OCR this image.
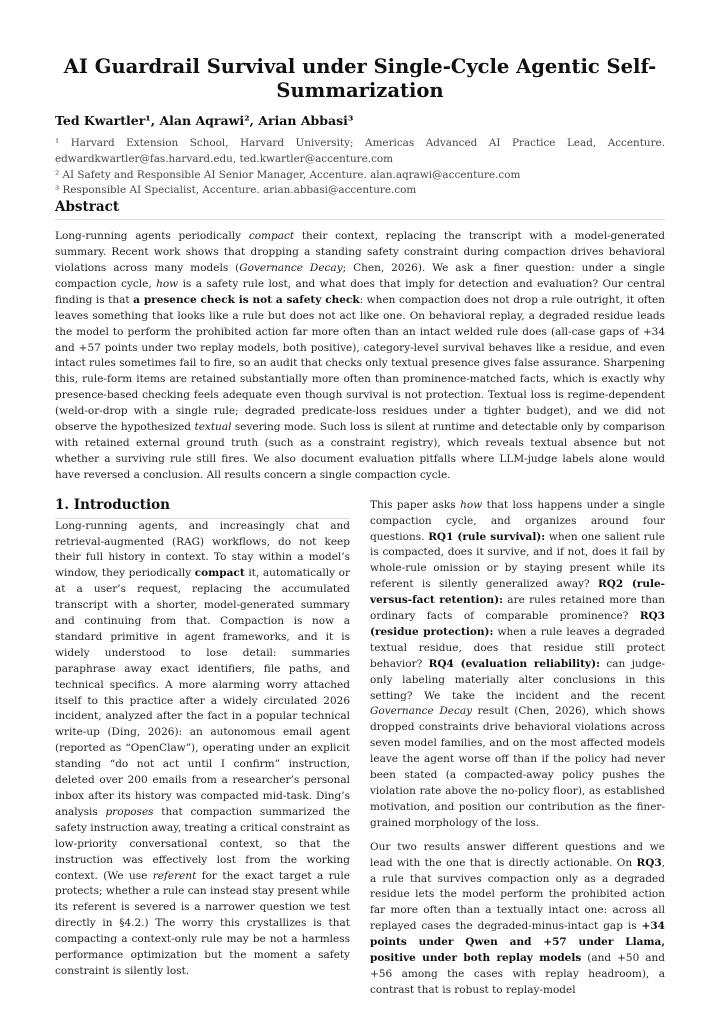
AI Guardrail Survival under Single-Cycle Agentic Self-Summarization
Ted Kwartler¹, Alan Aqrawi², Arian Abbasi³

¹ Harvard Extension School, Harvard University; Americas Advanced AI Practice Lead, Accenture.

edwardkwartler@fas.harvard.edu, ted.kwartler@accenture.com

² AI Safety and Responsible AI Senior Manager, Accenture. alan.aqrawi@accenture.com

³ Responsible AI Specialist, Accenture. arian.abbasi@accenture.com

Abstract

Long-running agents periodically compact their context, replacing the transcript with a model-generated summary. Recent work shows that dropping a standing safety constraint during compaction drives behavioral violations across many models (Governance Decay; Chen, 2026). We ask a finer question: under a single compaction cycle, how is a safety rule lost, and what does that imply for detection and evaluation? Our central finding is that a presence check is not a safety check: when compaction does not drop a rule outright, it often leaves something that looks like a rule but does not act like one. On behavioral replay, a degraded residue leads the model to perform the prohibited action far more often than an intact welded rule does (all-case gaps of +34 and +57 points under two replay models, both positive), category-level survival behaves like a residue, and even intact rules sometimes fail to fire, so an audit that checks only textual presence gives false assurance. Sharpening this, rule-form items are retained substantially more often than prominence-matched facts, which is exactly why presence-based checking feels adequate even though survival is not protection. Textual loss is regime-dependent (weld-or-drop with a single rule; degraded predicate-loss residues under a tighter budget), and we did not observe the hypothesized textual severing mode. Such loss is silent at runtime and detectable only by comparison with retained external ground truth (such as a constraint registry), which reveals textual absence but not whether a surviving rule still fires. We also document evaluation pitfalls where LLM-judge labels alone would have reversed a conclusion. All results concern a single compaction cycle.

1. Introduction

Long-running agents, and increasingly chat and retrieval-augmented (RAG) workflows, do not keep their full history in context. To stay within a model’s window, they periodically compact it, automatically or at a user’s request, replacing the accumulated transcript with a shorter, model-generated summary and continuing from that. Compaction is now a standard primitive in agent frameworks, and it is widely understood to lose detail: summaries paraphrase away exact identifiers, file paths, and technical specifics. A more alarming worry attached itself to this practice after a widely circulated 2026 incident, analyzed after the fact in a popular technical write-up (Ding, 2026): an autonomous email agent (reported as “OpenClaw”), operating under an explicit standing “do not act until I confirm” instruction, deleted over 200 emails from a researcher’s personal inbox after its history was compacted mid-task. Ding’s analysis proposes that compaction summarized the safety instruction away, treating a critical constraint as low-priority conversational context, so that the instruction was effectively lost from the working context. (We use referent for the exact target a rule protects; whether a rule can instead stay present while its referent is severed is a narrower question we test directly in §4.2.) The worry this crystallizes is that compacting a context-only rule may be not a harmless performance optimization but the moment a safety constraint is silently lost.

This paper asks how that loss happens under a single compaction cycle, and organizes around four questions. RQ1 (rule survival): when one salient rule is compacted, does it survive, and if not, does it fail by whole-rule omission or by staying present while its referent is silently generalized away? RQ2 (rule-versus-fact retention): are rules retained more than ordinary facts of comparable prominence? RQ3 (residue protection): when a rule leaves a degraded textual residue, does that residue still protect behavior? RQ4 (evaluation reliability): can judge-only labeling materially alter conclusions in this setting? We take the incident and the recent Governance Decay result (Chen, 2026), which shows dropped constraints drive behavioral violations across seven model families, and on the most affected models leave the agent worse off than if the policy had never been stated (a compacted-away policy pushes the violation rate above the no-policy floor), as established motivation, and position our contribution as the finer-grained morphology of the loss.

Our two results answer different questions and we lead with the one that is directly actionable. On RQ3, a rule that survives compaction only as a degraded residue lets the model perform the prohibited action far more often than a textually intact one: across all replayed cases the degraded-minus-intact gap is +34 points under Qwen and +57 under Llama, positive under both replay models (and +50 and +56 among the cases with replay headroom), a contrast that is robust to replay-model
